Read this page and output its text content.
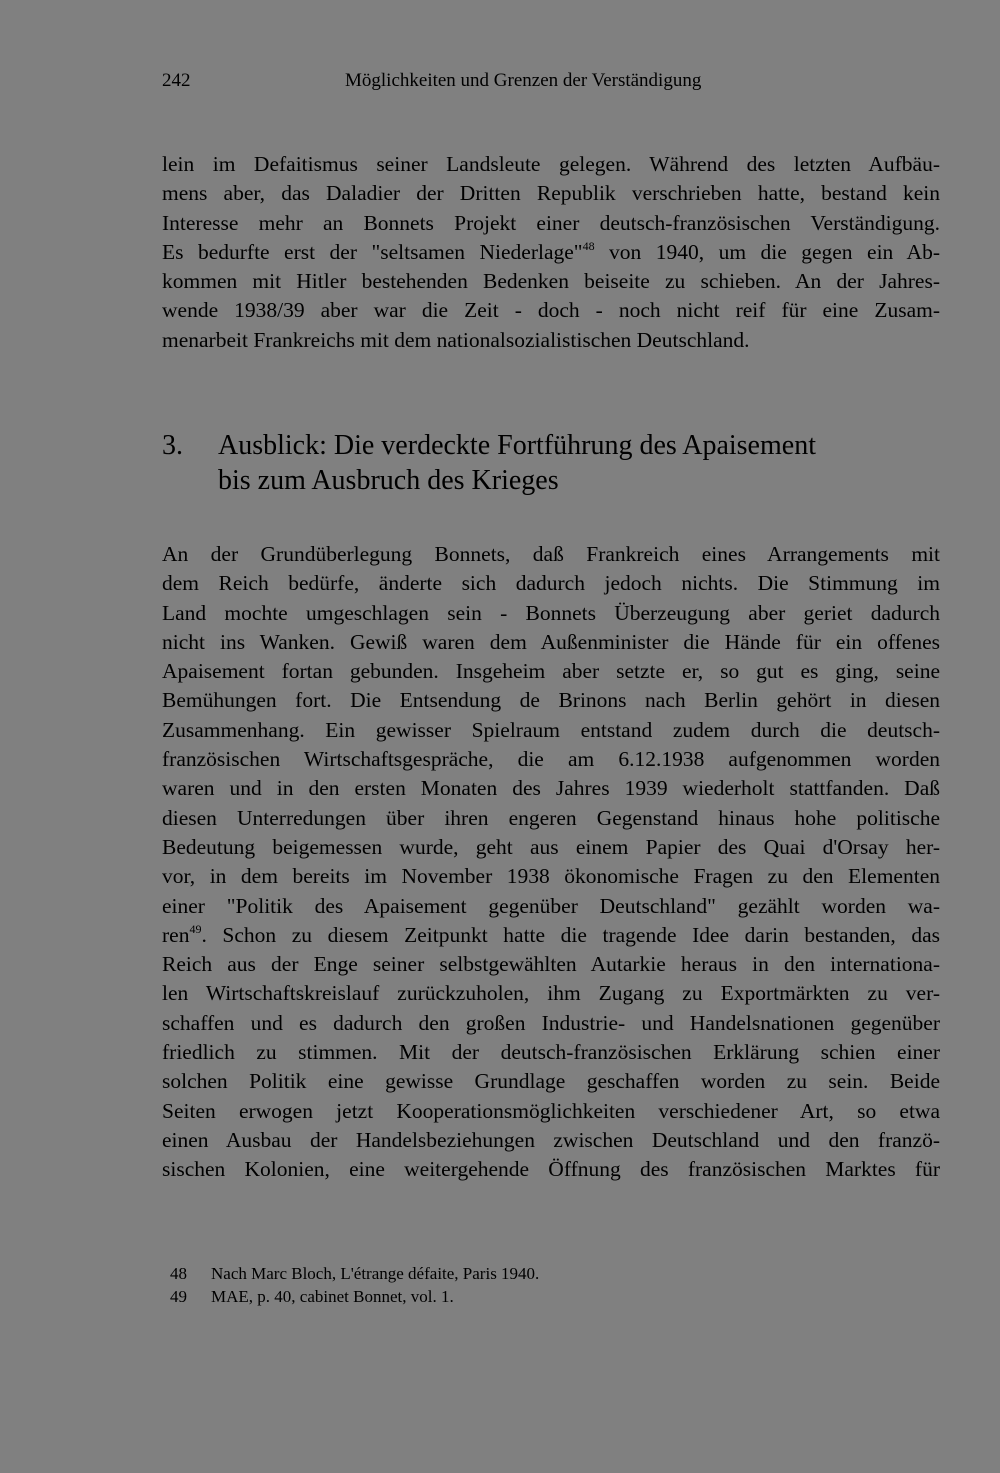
242	Möglichkeiten und Grenzen der Verständigung
lein im Defaitismus seiner Landsleute gelegen. Während des letzten Aufbäu-
mens aber, das Daladier der Dritten Republik verschrieben hatte, bestand kein
Interesse mehr an Bonnets Projekt einer deutsch-französischen Verständigung.
Es bedurfte erst der "seltsamen Niederlage"$^{48}$ von 1940, um die gegen ein Ab-
kommen mit Hitler bestehenden Bedenken beiseite zu schieben. An der Jahres-
wende 1938/39 aber war die Zeit - doch - noch nicht reif für eine Zusam-
menarbeit Frankreichs mit dem nationalsozialistischen Deutschland.
3. Ausblick: Die verdeckte Fortführung des Apaisement
bis zum Ausbruch des Krieges
An der Grundüberlegung Bonnets, daß Frankreich eines Arrangements mit
dem Reich bedürfe, änderte sich dadurch jedoch nichts. Die Stimmung im
Land mochte umgeschlagen sein - Bonnets Überzeugung aber geriet dadurch
nicht ins Wanken. Gewiß waren dem Außenminister die Hände für ein offenes
Apaisement fortan gebunden. Insgeheim aber setzte er, so gut es ging, seine
Bemühungen fort. Die Entsendung de Brinons nach Berlin gehört in diesen
Zusammenhang. Ein gewisser Spielraum entstand zudem durch die deutsch-
französischen Wirtschaftsgespräche, die am 6.12.1938 aufgenommen worden
waren und in den ersten Monaten des Jahres 1939 wiederholt stattfanden. Daß
diesen Unterredungen über ihren engeren Gegenstand hinaus hohe politische
Bedeutung beigemessen wurde, geht aus einem Papier des Quai d'Orsay her-
vor, in dem bereits im November 1938 ökonomische Fragen zu den Elementen
einer "Politik des Apaisement gegenüber Deutschland" gezählt worden wa-
ren$^{49}$. Schon zu diesem Zeitpunkt hatte die tragende Idee darin bestanden, das
Reich aus der Enge seiner selbstgewählten Autarkie heraus in den internationa-
len Wirtschaftskreislauf zurückzuholen, ihm Zugang zu Exportmärkten zu ver-
schaffen und es dadurch den großen Industrie- und Handelsnationen gegenüber
friedlich zu stimmen. Mit der deutsch-französischen Erklärung schien einer
solchen Politik eine gewisse Grundlage geschaffen worden zu sein. Beide
Seiten erwogen jetzt Kooperationsmöglichkeiten verschiedener Art, so etwa
einen Ausbau der Handelsbeziehungen zwischen Deutschland und den franzö-
sischen Kolonien, eine weitergehende Öffnung des französischen Marktes für
48 Nach Marc Bloch, L'étrange défaite, Paris 1940.
49 MAE, p. 40, cabinet Bonnet, vol. 1.
